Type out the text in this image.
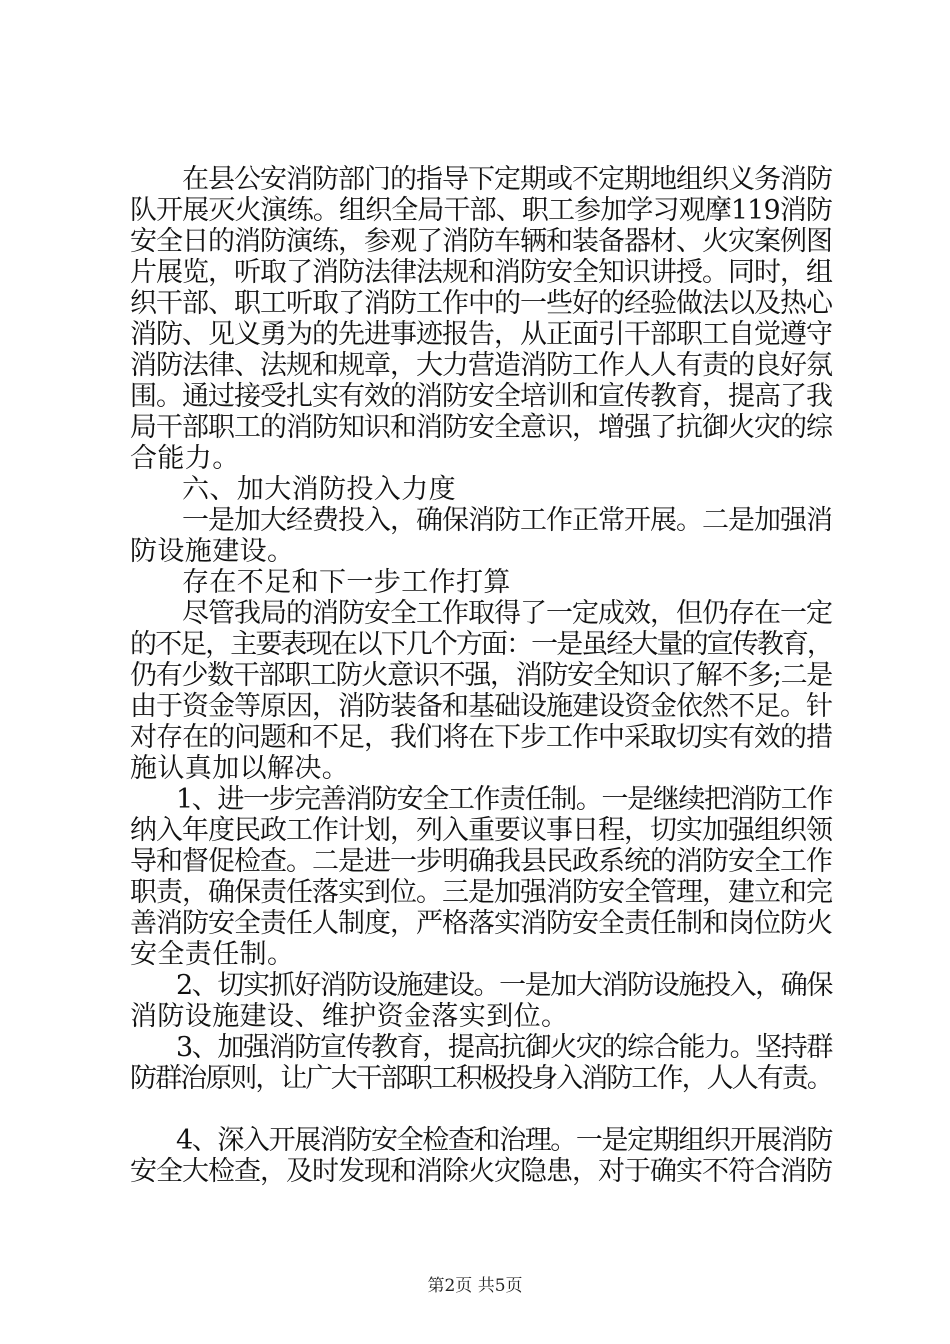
在县公安消防部门的指导下定期或不定期地组织义务消防
队开展灭火演练。组织全局干部、职工参加学习观摩119消防
安全日的消防演练，参观了消防车辆和装备器材、火灾案例图
片展览，听取了消防法律法规和消防安全知识讲授。同时，组
织干部、职工听取了消防工作中的一些好的经验做法以及热心
消防、见义勇为的先进事迹报告，从正面引干部职工自觉遵守
消防法律、法规和规章，大力营造消防工作人人有责的良好氛
围。通过接受扎实有效的消防安全培训和宣传教育，提高了我
局干部职工的消防知识和消防安全意识，增强了抗御火灾的综
合能力。
六、加大消防投入力度
一是加大经费投入，确保消防工作正常开展。二是加强消
防设施建设。
存在不足和下一步工作打算
尽管我局的消防安全工作取得了一定成效，但仍存在一定
的不足，主要表现在以下几个方面：一是虽经大量的宣传教育，
仍有少数干部职工防火意识不强，消防安全知识了解不多;二是
由于资金等原因，消防装备和基础设施建设资金依然不足。针
对存在的问题和不足，我们将在下步工作中采取切实有效的措
施认真加以解决。
1、进一步完善消防安全工作责任制。一是继续把消防工作
纳入年度民政工作计划，列入重要议事日程，切实加强组织领
导和督促检查。二是进一步明确我县民政系统的消防安全工作
职责，确保责任落实到位。三是加强消防安全管理，建立和完
善消防安全责任人制度，严格落实消防安全责任制和岗位防火
安全责任制。
2、切实抓好消防设施建设。一是加大消防设施投入，确保
消防设施建设、维护资金落实到位。
3、加强消防宣传教育，提高抗御火灾的综合能力。坚持群
防群治原则，让广大干部职工积极投身入消防工作，人人有责。
4、深入开展消防安全检查和治理。一是定期组织开展消防
安全大检查，及时发现和消除火灾隐患，对于确实不符合消防
第2页 共5页
